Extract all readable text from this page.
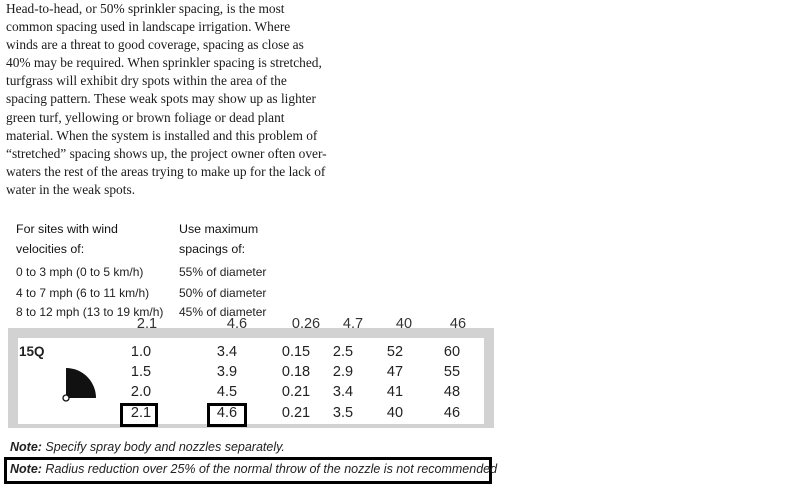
Head-to-head, or 50% sprinkler spacing, is the most
common spacing used in landscape irrigation. Where
winds are a threat to good coverage, spacing as close as
40% may be required. When sprinkler spacing is stretched,
turfgrass will exhibit dry spots within the area of the
spacing pattern. These weak spots may show up as lighter
green turf, yellowing or brown foliage or dead plant
material. When the system is installed and this problem of
“stretched” spacing shows up, the project owner often over-
waters the rest of the areas trying to make up for the lack of
water in the weak spots.
For sites with wind
velocities of:
Use maximum
spacings of:
0 to 3 mph (0 to 5 km/h)	55% of diameter
4 to 7 mph (6 to 11 km/h) 50% of diameter
8 to 12 mph (13 to 19 km/h) 45% of diameter
2.1	4.6	0.26	4.7	40	46
15Q	1.0	3.4	0.15	2.5	52	60
1.5	3.9	0.18	2.9	47	55
2.0	4.5	0.21	3.4	41	48
2.1	4.6	0.21	3.5	40	46
Note: Specify spray body and nozzles separately.
Note: Radius reduction over 25% of the normal throw of the nozzle is not recommended
